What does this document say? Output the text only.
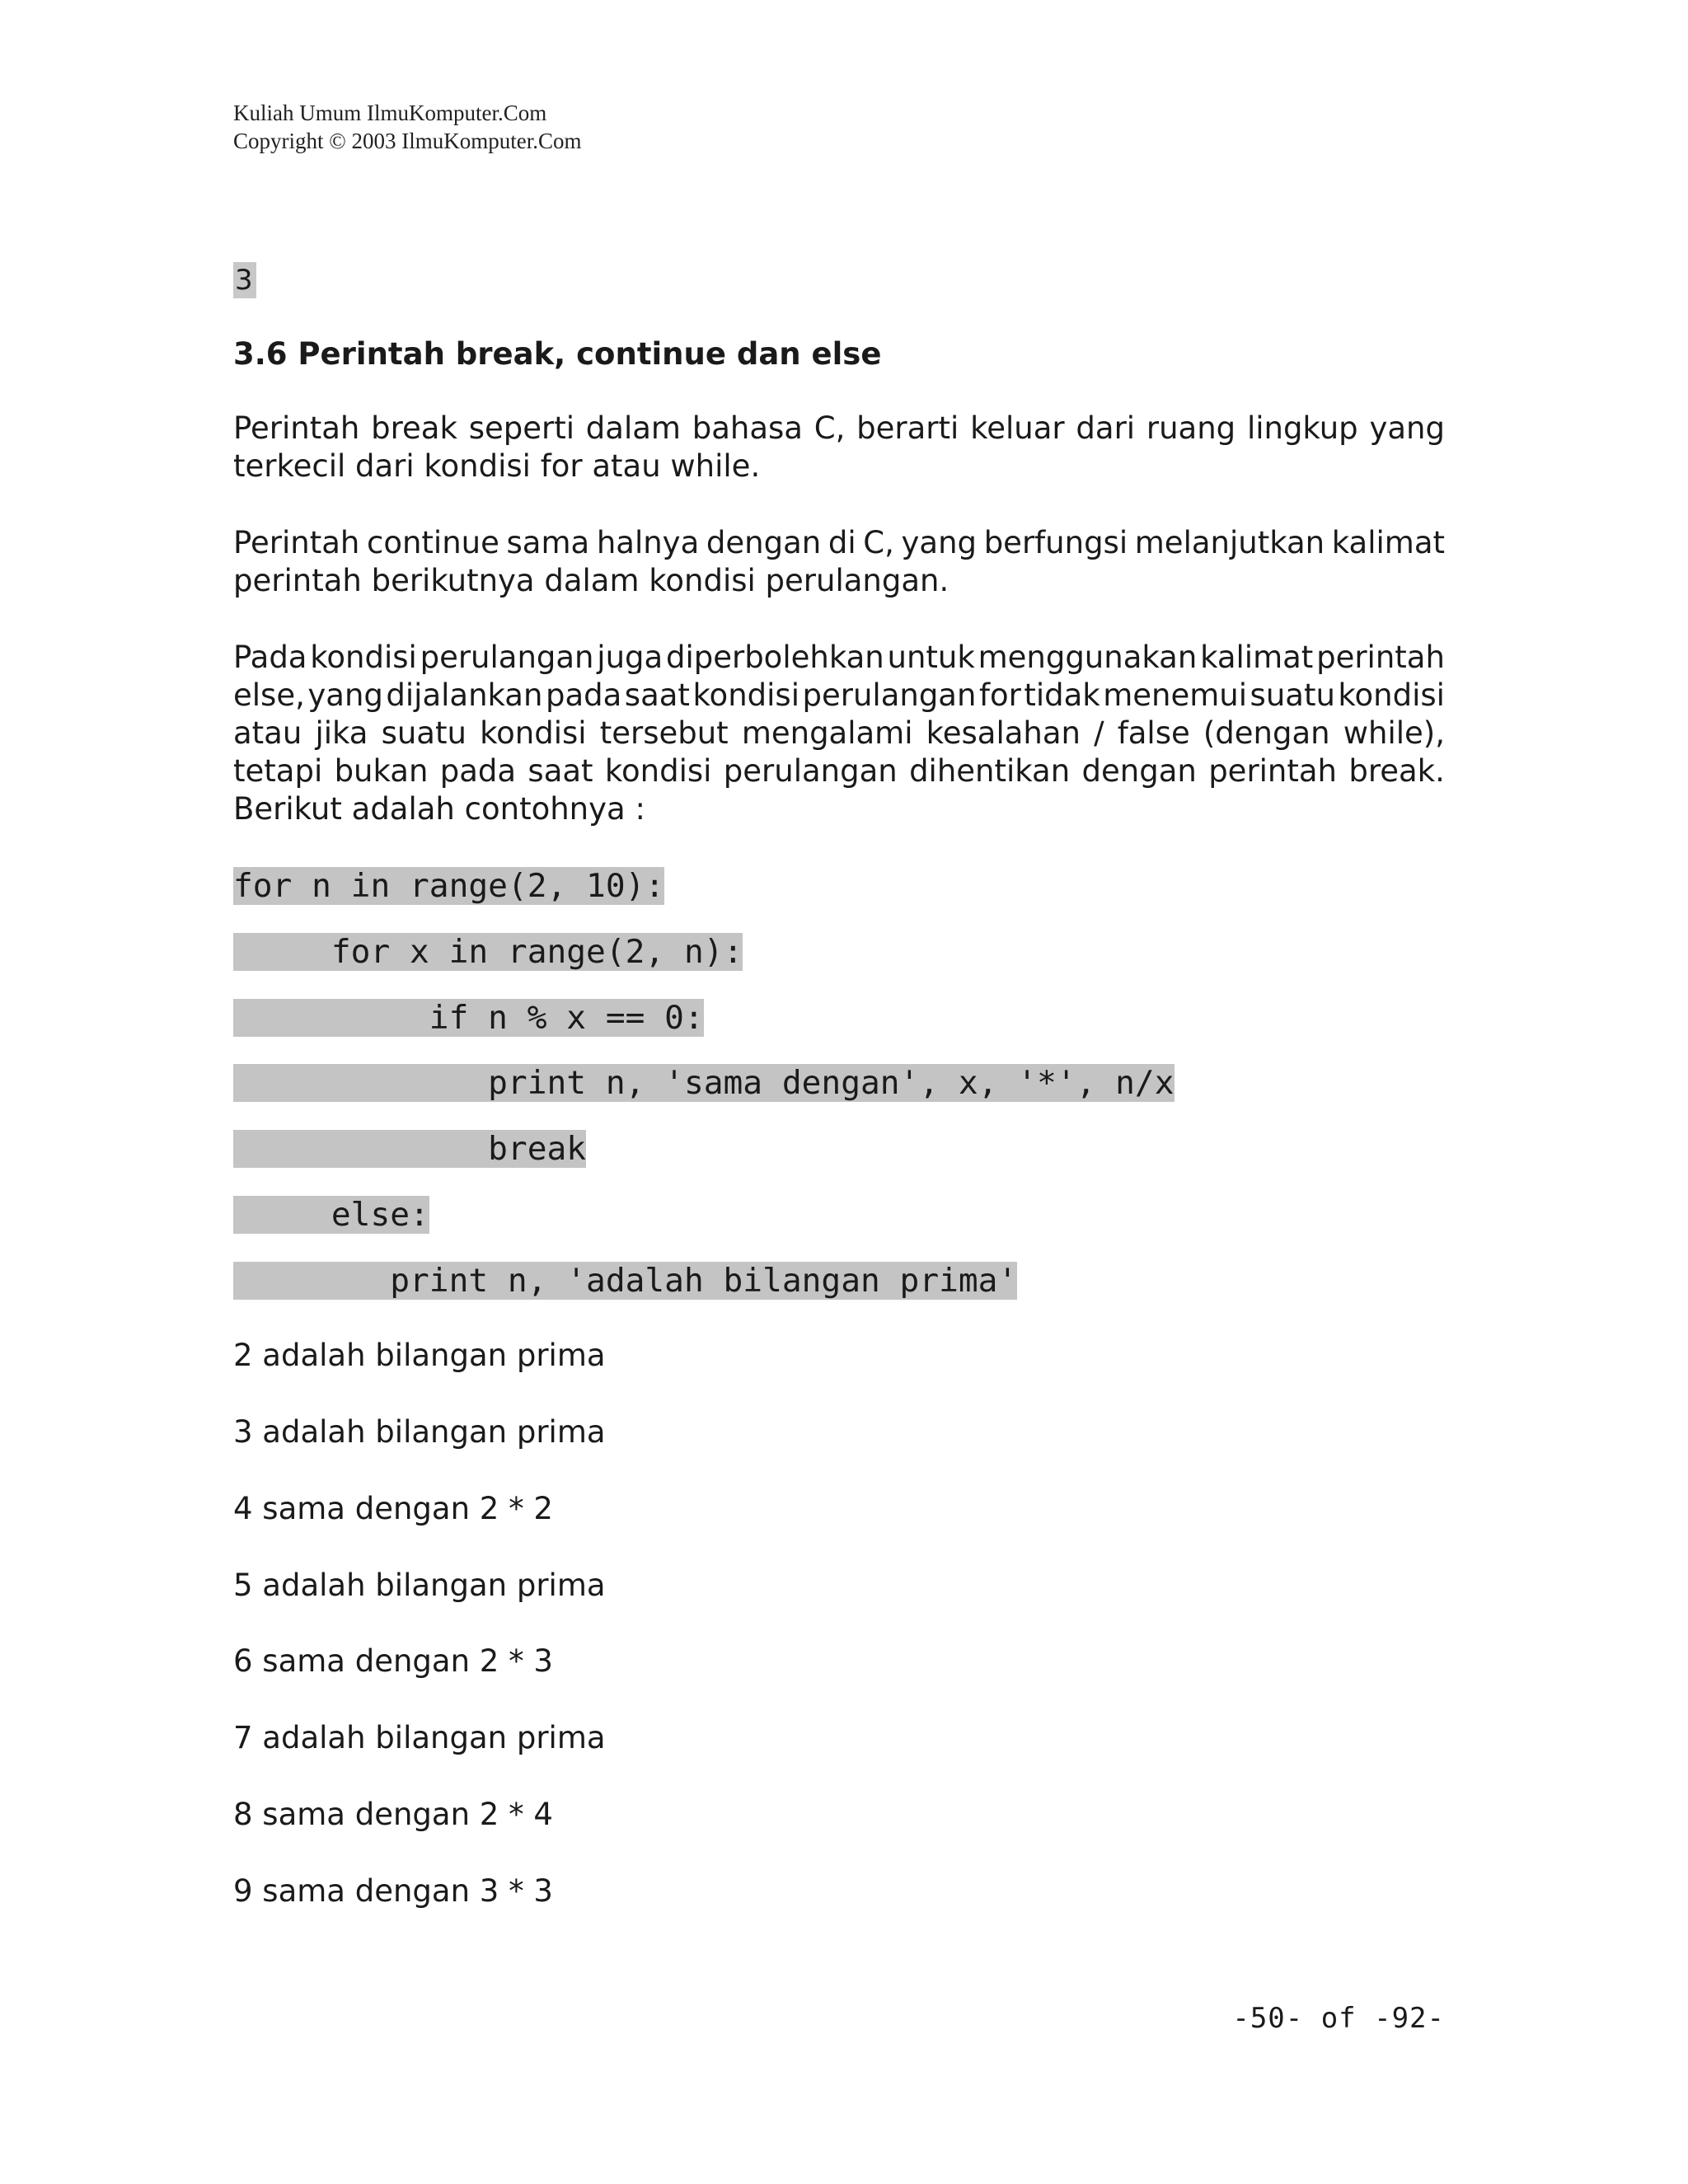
Kuliah Umum IlmuKomputer.Com
Copyright © 2003 IlmuKomputer.Com
3
3.6 Perintah break, continue dan else
Perintah break seperti dalam bahasa C, berarti keluar dari ruang lingkup yang
terkecil dari kondisi for atau while.
Perintah continue sama halnya dengan di C, yang berfungsi melanjutkan kalimat
perintah berikutnya dalam kondisi perulangan.
Pada kondisi perulangan juga diperbolehkan untuk menggunakan kalimat perintah
else, yang dijalankan pada saat kondisi perulangan for tidak menemui suatu kondisi
atau jika suatu kondisi tersebut mengalami kesalahan / false (dengan while),
tetapi bukan pada saat kondisi perulangan dihentikan dengan perintah break.
Berikut adalah contohnya :
for n in range(2, 10):
for x in range(2, n):
if n % x == 0:
print n, 'sama dengan', x, '*', n/x
break
else:
print n, 'adalah bilangan prima'
2 adalah bilangan prima
3 adalah bilangan prima
4 sama dengan 2 * 2
5 adalah bilangan prima
6 sama dengan 2 * 3
7 adalah bilangan prima
8 sama dengan 2 * 4
9 sama dengan 3 * 3
-50- of -92-
